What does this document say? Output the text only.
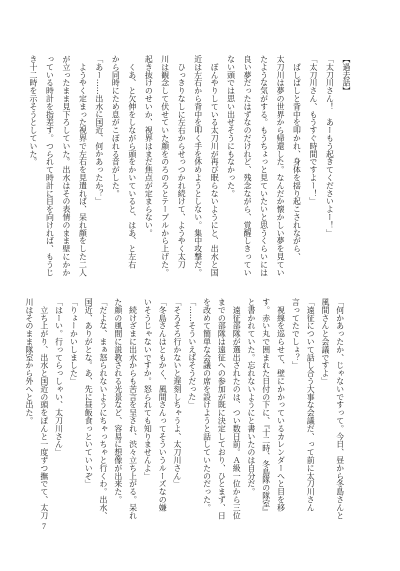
【過去話】
「太刀川さん！　あーもう起きてくださいよー！」
「太刀川さん、もうすぐ時間ですよー！」
　ぱしぱしと背中を叩かれ、身体を揺り起こされながら、
太刀川は夢の世界から帰還した。なんだか懐かしい夢を見てい
たような気がする。もうちょっと見ていたいと思うくらいには
良い夢だったはずなのだけれど、残念ながら、覚醒しきってい
ない頭では思い出せそうにもなかった。
　ぼんやりしている太刀川が再び眠らないようにと、出水と国
近は左右から背中を叩く手を休めようとしない。集中攻撃だ。
　ひっきりなしに左右からせっつかれ続けて、ようやく太刀
川は観念して伏せていた顔をのろのろとテーブルから上げた。
起き抜けのせいか、視界はまだ焦点が定まらない。
　くあ、と欠伸をしながら頭をかいていると、はあ、と左右
から同時にため息がこぼれる音がした。
「あー……出水に国近、何かあったか？」
　ようやく定まった視界で左右を見遣れば、呆れ顔をした二人
が立ったまま見下ろしていた。出水はその表情のまま壁にかか
っている時計を指差す。つられて時計に目を向ければ、もうじ
き十二時を示そうとしていた。
「何かあったか、じゃないですって。今日、昼から冬島さんと
風間さんと会議ですよ」
「遠征について話し合う大事な会議だ、って前に太刀川さん
言ってたでしょ？」
　視線を巡らせて、壁にかかっているカレンダーへと目を移
す。赤い丸で囲まれた日付の下に、『十二時、冬島隊の隊室』
と書かれていた。忘れないようにと書いたのは自分だ。
　遠征部隊が選出されたのは、つい数日前。Ａ級一位から三位
までの部隊は遠征への参加が既に決定しており、ひとまず、日
を改めて簡単な会議の席を設けようと話していたのだった。
「……そういえばそうだった」
「そろそろ行かないと遅刻しちゃうよ、太刀川さん」
「冬島さんはともかく、風間さんってそういうルーズなの嫌
いそうじゃないですか。怒られても知りませんよ」
　続けざまに出水からも苦言を呈され、渋々立ち上がる。呆れ
た顔の風間に説教される光景など、容易に想像が出来た。
「だよな、まぁ怒られないようにちゃっちゃと行くわ。出水、
国近、ありがとな。あ、先に昼飯食っといていいぞ」
「りょーかいしました」
「はーい。行ってらっしゃい、太刀川さん」
　立ち上がり、出水と国近の頭をぽんと一度ずつ撫でて、太刀
川はそのまま隊室から外へと出た。
7
